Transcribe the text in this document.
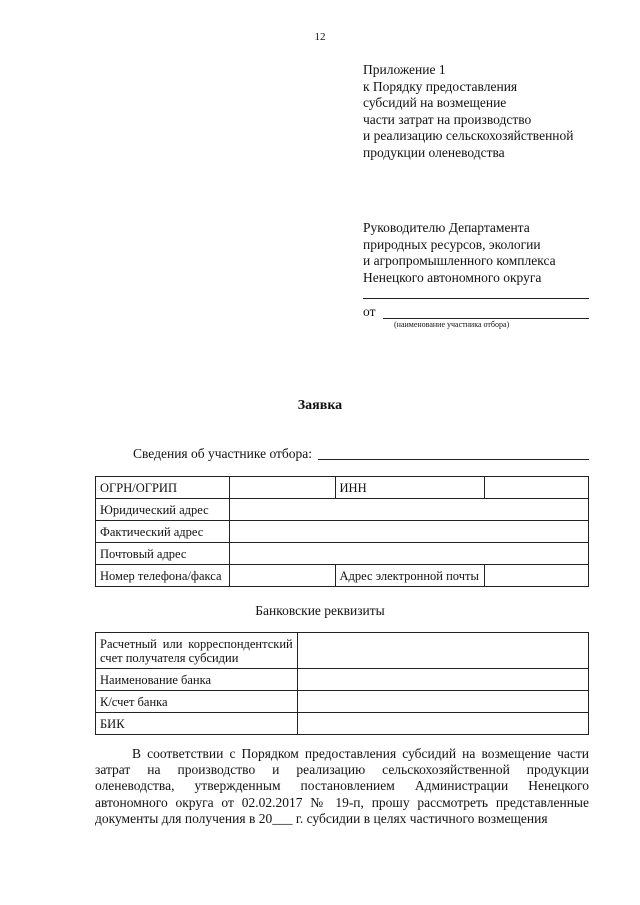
12
Приложение 1
к Порядку предоставления
субсидий на возмещение
части затрат на производство
и реализацию сельскохозяйственной
продукции оленеводства
Руководителю Департамента
природных ресурсов, экологии
и агропромышленного комплекса
Ненецкого автономного округа
от
(наименование участника отбора)
Заявка
Сведения об участнике отбора:
ОГРН/ОГРИП		ИНН	
Юридический адрес			
Фактический адрес			
Почтовый адрес			
Номер телефона/факса		Адрес электронной почты	
Банковские реквизиты
Расчетный или корреспондентский счет получателя субсидии	
Наименование банка	
К/счет банка	
БИК	
В соответствии с Порядком предоставления субсидий на возмещение части затрат на производство и реализацию сельскохозяйственной продукции оленеводства, утвержденным постановлением Администрации Ненецкого автономного округа от 02.02.2017 № 19-п, прошу рассмотреть представленные документы для получения в 20___ г. субсидии в целях частичного возмещения
